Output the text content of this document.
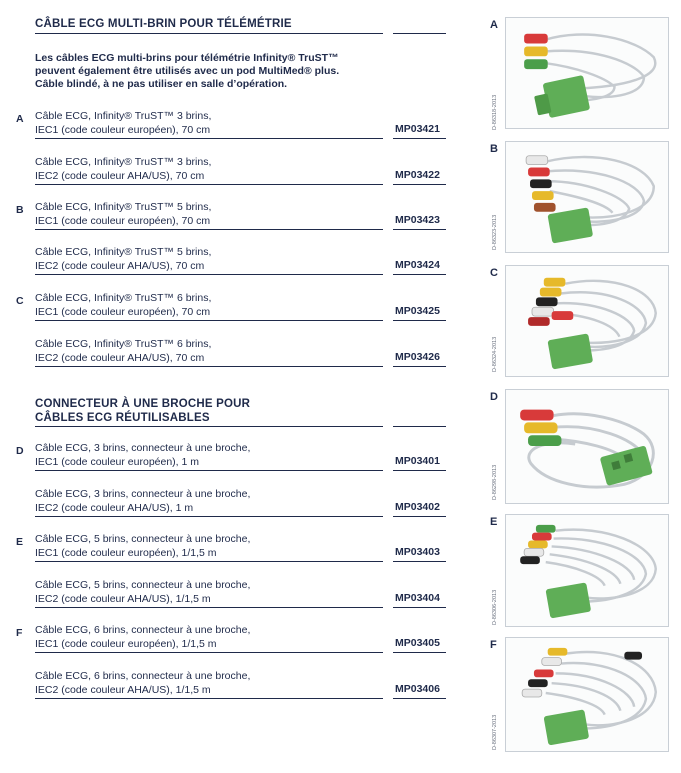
CÂBLE ECG MULTI-BRIN POUR TÉLÉMÉTRIE
Les câbles ECG multi-brins pour télémétrie Infinity® TruST™
peuvent également être utilisés avec un pod MultiMed® plus.
Câble blindé, à ne pas utiliser en salle d’opération.
A Câble ECG, Infinity® TruST™ 3 brins,
IEC1 (code couleur européen), 70 cm	MP03421
Câble ECG, Infinity® TruST™ 3 brins,
IEC2 (code couleur AHA/US), 70 cm	MP03422
B Câble ECG, Infinity® TruST™ 5 brins,
IEC1 (code couleur européen), 70 cm	MP03423
Câble ECG, Infinity® TruST™ 5 brins,
IEC2 (code couleur AHA/US), 70 cm	MP03424
C Câble ECG, Infinity® TruST™ 6 brins,
IEC1 (code couleur européen), 70 cm	MP03425
Câble ECG, Infinity® TruST™ 6 brins,
IEC2 (code couleur AHA/US), 70 cm	MP03426
CONNECTEUR À UNE BROCHE POUR
CÂBLES ECG RÉUTILISABLES
D Câble ECG, 3 brins, connecteur à une broche,
IEC1 (code couleur européen), 1 m	MP03401
Câble ECG, 3 brins, connecteur à une broche,
IEC2 (code couleur AHA/US), 1 m	MP03402
E Câble ECG, 5 brins, connecteur à une broche,
IEC1 (code couleur européen), 1/1,5 m	MP03403
Câble ECG, 5 brins, connecteur à une broche,
IEC2 (code couleur AHA/US), 1/1,5 m	MP03404
F Câble ECG, 6 brins, connecteur à une broche,
IEC1 (code couleur européen), 1/1,5 m	MP03405
Câble ECG, 6 brins, connecteur à une broche,
IEC2 (code couleur AHA/US), 1/1,5 m	MP03406
A
D-86318-2013
B
D-86323-2013
C
D-86324-2013
D
D-86298-2013
E
D-86306-2013
F
D-86307-2013
